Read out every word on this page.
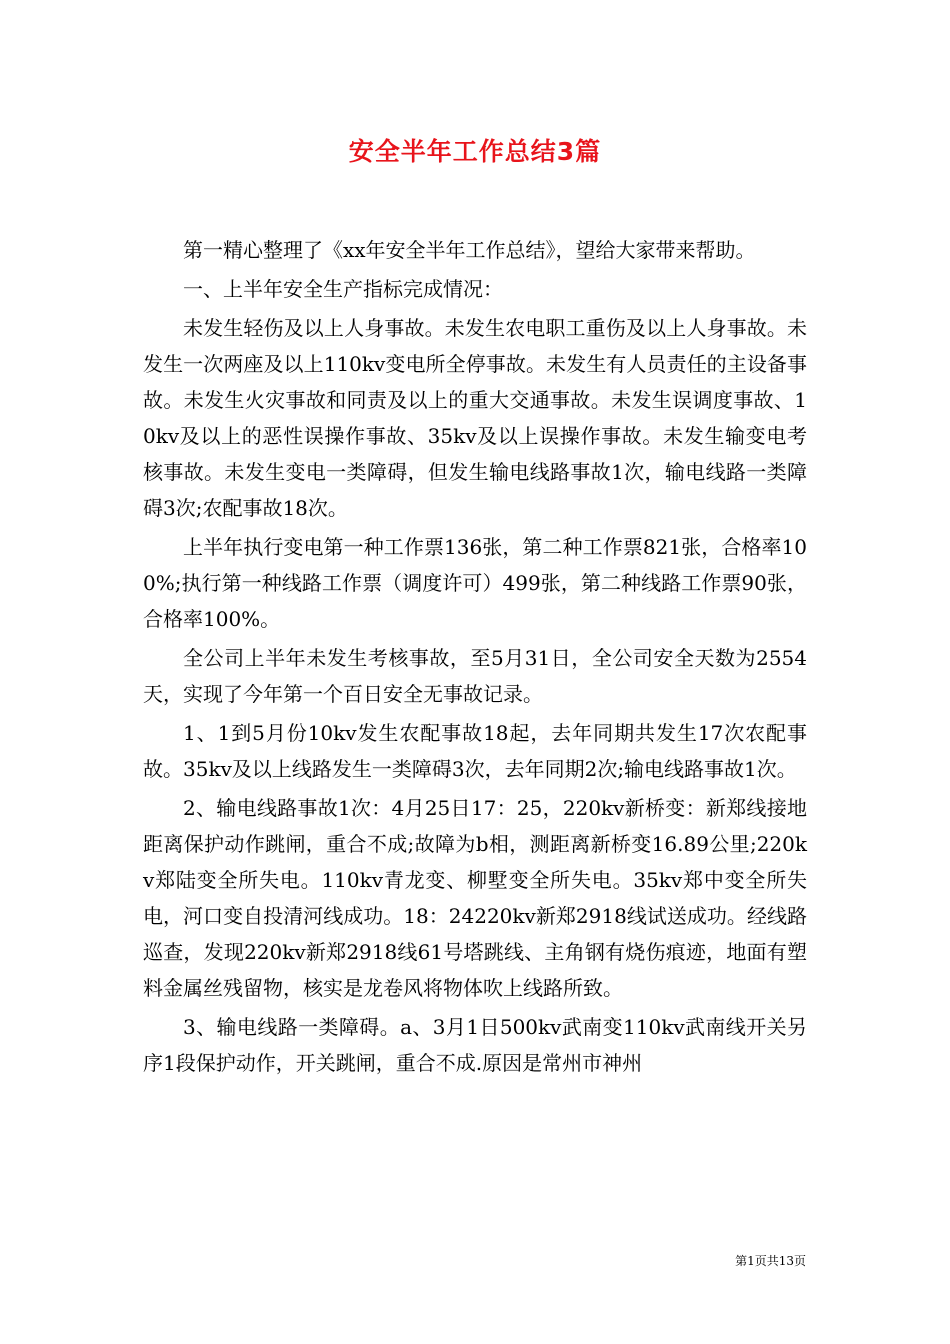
安全半年工作总结3篇

第一精心整理了《xx年安全半年工作总结》，望给大家带来帮助。

一、上半年安全生产指标完成情况：

未发生轻伤及以上人身事故。未发生农电职工重伤及以上人身事故。未发生一次两座及以上110kv变电所全停事故。未发生有人员责任的主设备事故。未发生火灾事故和同责及以上的重大交通事故。未发生误调度事故、10kv及以上的恶性误操作事故、35kv及以上误操作事故。未发生输变电考核事故。未发生变电一类障碍，但发生输电线路事故1次，输电线路一类障碍3次;农配事故18次。

上半年执行变电第一种工作票136张，第二种工作票821张，合格率100%;执行第一种线路工作票（调度许可）499张，第二种线路工作票90张，合格率100%。

全公司上半年未发生考核事故，至5月31日，全公司安全天数为2554天，实现了今年第一个百日安全无事故记录。

1、1到5月份10kv发生农配事故18起，去年同期共发生17次农配事故。35kv及以上线路发生一类障碍3次，去年同期2次;输电线路事故1次。

2、输电线路事故1次：4月25日17：25，220kv新桥变：新郑线接地距离保护动作跳闸，重合不成;故障为b相，测距离新桥变16.89公里;220kv郑陆变全所失电。110kv青龙变、柳墅变全所失电。35kv郑中变全所失电，河口变自投清河线成功。18：24220kv新郑2918线试送成功。经线路巡查，发现220kv新郑2918线61号塔跳线、主角钢有烧伤痕迹，地面有塑料金属丝残留物，核实是龙卷风将物体吹上线路所致。

3、输电线路一类障碍。a、3月1日500kv武南变110kv武南线开关另序1段保护动作，开关跳闸，重合不成.原因是常州市神州

第1页共13页
